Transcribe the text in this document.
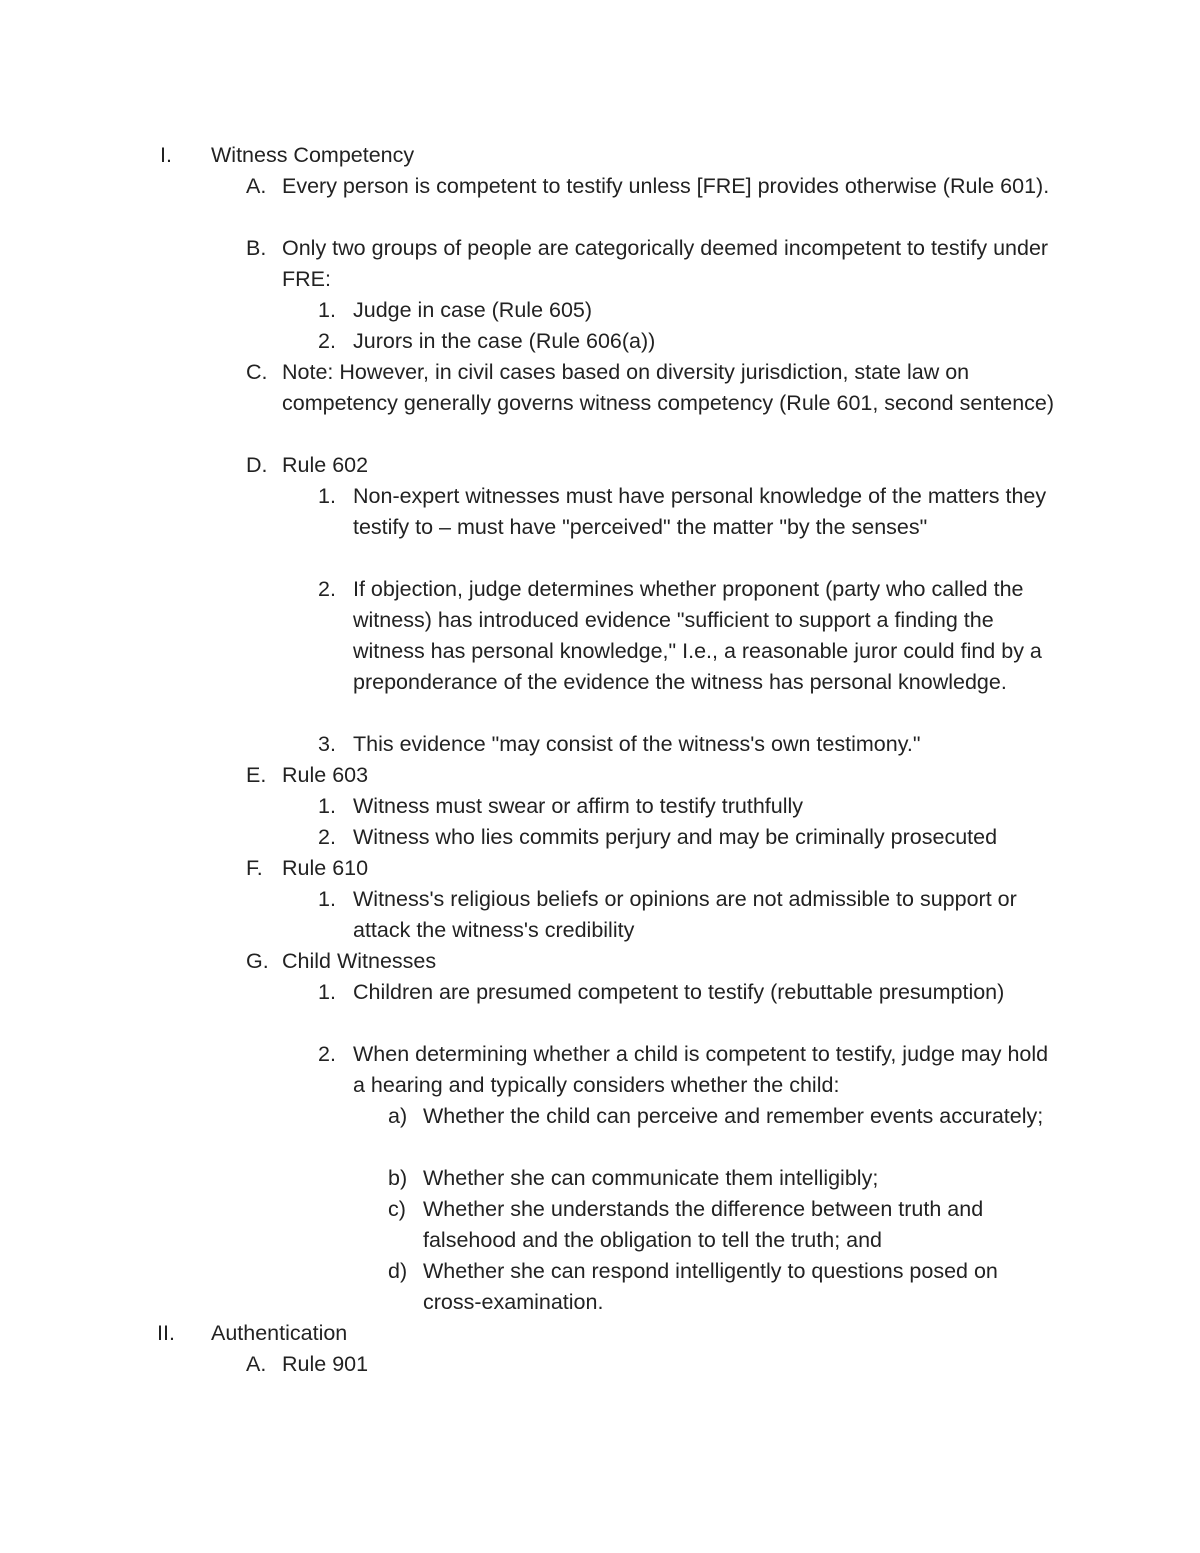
I. Witness Competency
A. Every person is competent to testify unless [FRE] provides otherwise (Rule 601).
B. Only two groups of people are categorically deemed incompetent to testify under FRE:
1. Judge in case (Rule 605)
2. Jurors in the case (Rule 606(a))
C. Note: However, in civil cases based on diversity jurisdiction, state law on competency generally governs witness competency (Rule 601, second sentence)
D. Rule 602
1. Non-expert witnesses must have personal knowledge of the matters they testify to – must have "perceived" the matter "by the senses"
2. If objection, judge determines whether proponent (party who called the witness) has introduced evidence "sufficient to support a finding the witness has personal knowledge," I.e., a reasonable juror could find by a preponderance of the evidence the witness has personal knowledge.
3. This evidence "may consist of the witness's own testimony."
E. Rule 603
1. Witness must swear or affirm to testify truthfully
2. Witness who lies commits perjury and may be criminally prosecuted
F. Rule 610
1. Witness's religious beliefs or opinions are not admissible to support or attack the witness's credibility
G. Child Witnesses
1. Children are presumed competent to testify (rebuttable presumption)
2. When determining whether a child is competent to testify, judge may hold a hearing and typically considers whether the child:
a) Whether the child can perceive and remember events accurately;
b) Whether she can communicate them intelligibly;
c) Whether she understands the difference between truth and falsehood and the obligation to tell the truth; and
d) Whether she can respond intelligently to questions posed on cross-examination.
II. Authentication
A. Rule 901
